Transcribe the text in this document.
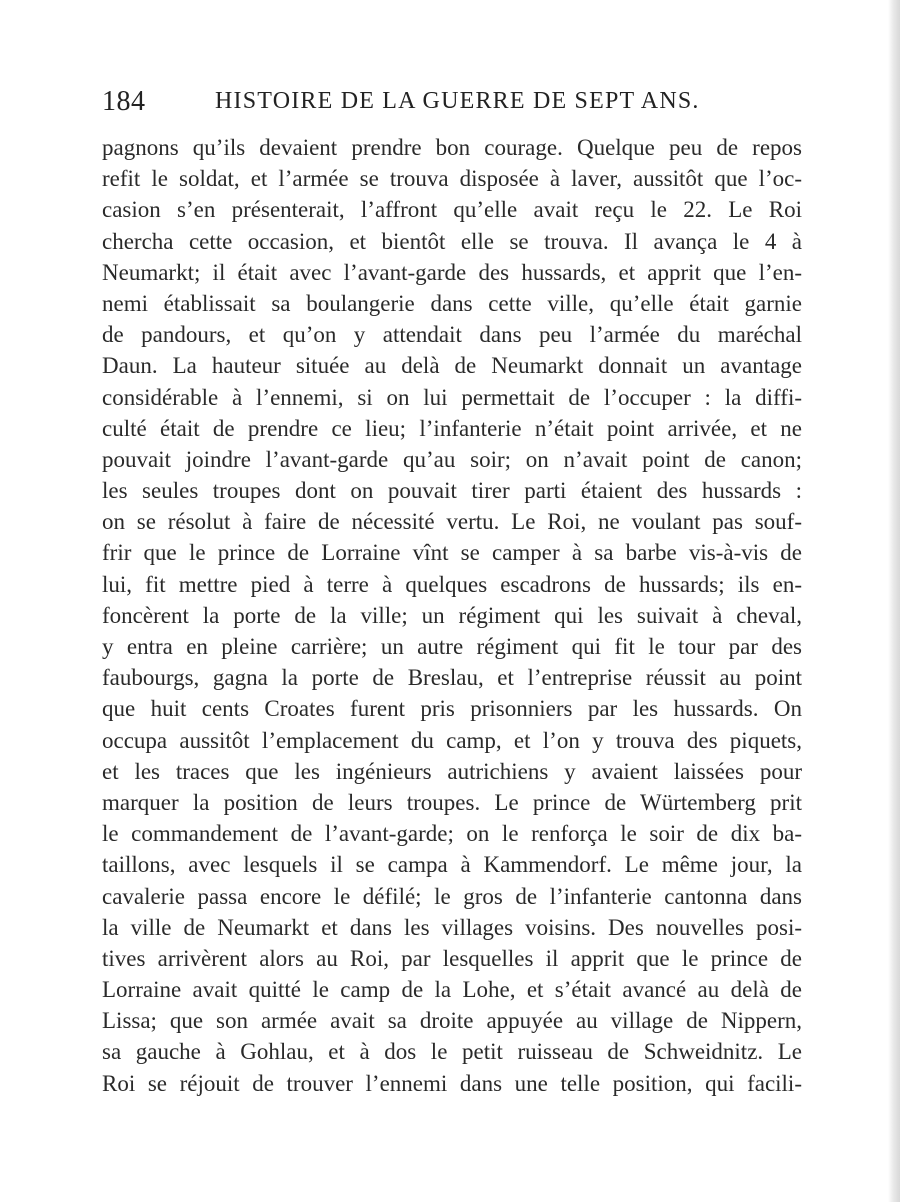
184	HISTOIRE DE LA GUERRE DE SEPT ANS.
pagnons qu’ils devaient prendre bon courage. Quelque peu de repos
refit le soldat, et l’armée se trouva disposée à laver, aussitôt que l’oc-
casion s’en présenterait, l’affront qu’elle avait reçu le 22. Le Roi
chercha cette occasion, et bientôt elle se trouva. Il avança le 4 à
Neumarkt; il était avec l’avant-garde des hussards, et apprit que l’en-
nemi établissait sa boulangerie dans cette ville, qu’elle était garnie
de pandours, et qu’on y attendait dans peu l’armée du maréchal
Daun. La hauteur située au delà de Neumarkt donnait un avantage
considérable à l’ennemi, si on lui permettait de l’occuper : la diffi-
culté était de prendre ce lieu; l’infanterie n’était point arrivée, et ne
pouvait joindre l’avant-garde qu’au soir; on n’avait point de canon;
les seules troupes dont on pouvait tirer parti étaient des hussards :
on se résolut à faire de nécessité vertu. Le Roi, ne voulant pas souf-
frir que le prince de Lorraine vînt se camper à sa barbe vis-à-vis de
lui, fit mettre pied à terre à quelques escadrons de hussards; ils en-
foncèrent la porte de la ville; un régiment qui les suivait à cheval,
y entra en pleine carrière; un autre régiment qui fit le tour par des
faubourgs, gagna la porte de Breslau, et l’entreprise réussit au point
que huit cents Croates furent pris prisonniers par les hussards. On
occupa aussitôt l’emplacement du camp, et l’on y trouva des piquets,
et les traces que les ingénieurs autrichiens y avaient laissées pour
marquer la position de leurs troupes. Le prince de Würtemberg prit
le commandement de l’avant-garde; on le renforça le soir de dix ba-
taillons, avec lesquels il se campa à Kammendorf. Le même jour, la
cavalerie passa encore le défilé; le gros de l’infanterie cantonna dans
la ville de Neumarkt et dans les villages voisins. Des nouvelles posi-
tives arrivèrent alors au Roi, par lesquelles il apprit que le prince de
Lorraine avait quitté le camp de la Lohe, et s’était avancé au delà de
Lissa; que son armée avait sa droite appuyée au village de Nippern,
sa gauche à Gohlau, et à dos le petit ruisseau de Schweidnitz. Le
Roi se réjouit de trouver l’ennemi dans une telle position, qui facili-
